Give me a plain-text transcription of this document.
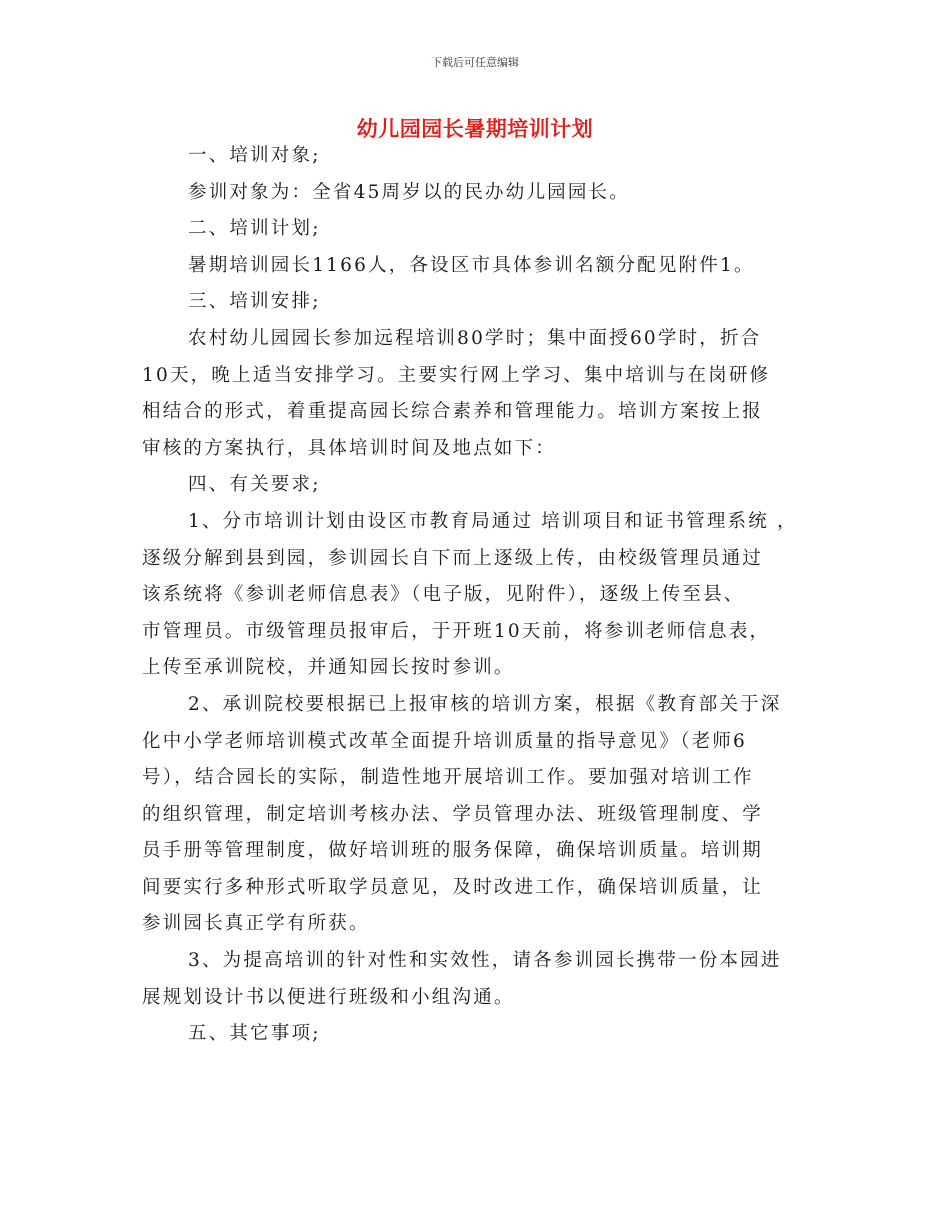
下载后可任意编辑
幼儿园园长暑期培训计划
一、培训对象;
参训对象为：全省45周岁以的民办幼儿园园长。
二、培训计划;
暑期培训园长1166人，各设区市具体参训名额分配见附件1。
三、培训安排;
农村幼儿园园长参加远程培训80学时；集中面授60学时，折合
10天，晚上适当安排学习。主要实行网上学习、集中培训与在岗研修
相结合的形式，着重提高园长综合素养和管理能力。培训方案按上报
审核的方案执行，具体培训时间及地点如下：
四、有关要求;
1、分市培训计划由设区市教育局通过 培训项目和证书管理系统 ，
逐级分解到县到园，参训园长自下而上逐级上传，由校级管理员通过
该系统将《参训老师信息表》（电子版，见附件），逐级上传至县、
市管理员。市级管理员报审后，于开班10天前，将参训老师信息表，
上传至承训院校，并通知园长按时参训。
2、承训院校要根据已上报审核的培训方案，根据《教育部关于深
化中小学老师培训模式改革全面提升培训质量的指导意见》（老师6
号），结合园长的实际，制造性地开展培训工作。要加强对培训工作
的组织管理，制定培训考核办法、学员管理办法、班级管理制度、学
员手册等管理制度，做好培训班的服务保障，确保培训质量。培训期
间要实行多种形式听取学员意见，及时改进工作，确保培训质量，让
参训园长真正学有所获。
3、为提高培训的针对性和实效性，请各参训园长携带一份本园进
展规划设计书以便进行班级和小组沟通。
五、其它事项;
